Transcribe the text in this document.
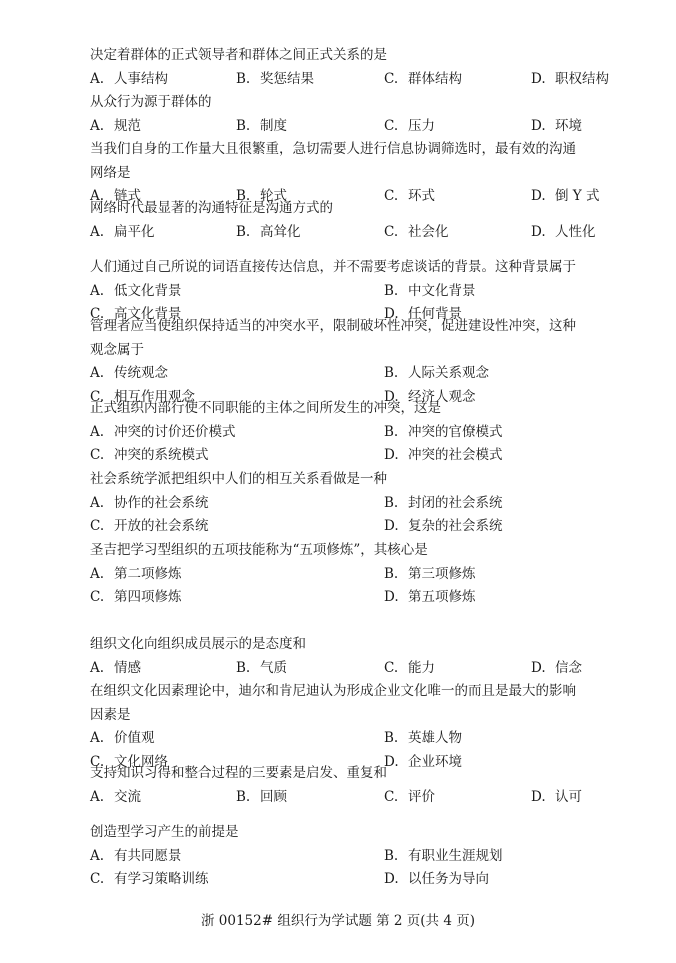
浙 00152# 组织行为学试题 第 2 页(共 4 页)
决定着群体的正式领导者和群体之间正式关系的是
A. 人事结构	B. 奖惩结果	C. 群体结构	D. 职权结构
从众行为源于群体的
A. 规范	B. 制度	C. 压力	D. 环境
当我们自身的工作量大且很繁重，急切需要人进行信息协调筛选时，最有效的沟通
网络是
A. 链式	B. 轮式	C. 环式	D. 倒 Y 式
网络时代最显著的沟通特征是沟通方式的
A. 扁平化	B. 高耸化	C. 社会化	D. 人性化
人们通过自己所说的词语直接传达信息，并不需要考虑谈话的背景。这种背景属于
A. 低文化背景	B. 中文化背景
C. 高文化背景	D. 任何背景
管理者应当使组织保持适当的冲突水平，限制破坏性冲突，促进建设性冲突，这种
观念属于
A. 传统观念	B. 人际关系观念
C. 相互作用观念	D. 经济人观念
正式组织内部行使不同职能的主体之间所发生的冲突，这是
A. 冲突的讨价还价模式	B. 冲突的官僚模式
C. 冲突的系统模式	D. 冲突的社会模式
社会系统学派把组织中人们的相互关系看做是一种
A. 协作的社会系统	B. 封闭的社会系统
C. 开放的社会系统	D. 复杂的社会系统
圣吉把学习型组织的五项技能称为“五项修炼”，其核心是
A. 第二项修炼	B. 第三项修炼
C. 第四项修炼	D. 第五项修炼
组织文化向组织成员展示的是态度和
A. 情感	B. 气质	C. 能力	D. 信念
在组织文化因素理论中，迪尔和肯尼迪认为形成企业文化唯一的而且是最大的影响
因素是
A. 价值观	B. 英雄人物
C. 文化网络	D. 企业环境
支持知识习得和整合过程的三要素是启发、重复和
A. 交流	B. 回顾	C. 评价	D. 认可
创造型学习产生的前提是
A. 有共同愿景	B. 有职业生涯规划
C. 有学习策略训练	D. 以任务为导向
